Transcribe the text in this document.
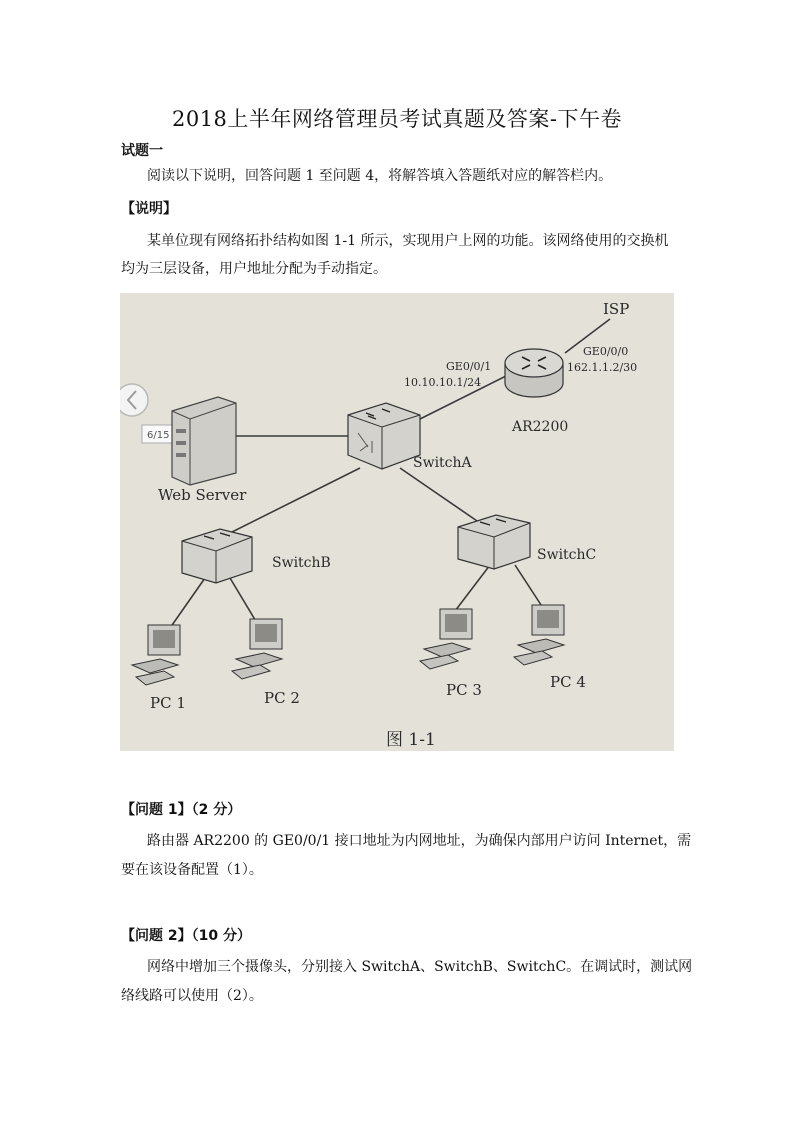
2018上半年网络管理员考试真题及答案-下午卷
试题一
阅读以下说明，回答问题 1 至问题 4，将解答填入答题纸对应的解答栏内。
【说明】
某单位现有网络拓扑结构如图 1-1 所示，实现用户上网的功能。该网络使用的交换机
均为三层设备，用户地址分配为手动指定。
6/15
Web Server
SwitchA
AR2200
GE0/0/1
10.10.10.1/24
GE0/0/0
162.1.1.2/30
ISP
SwitchB	SwitchC
PC 1	PC 2	PC 3	PC 4
图 1-1
【问题 1】（2 分）
路由器 AR2200 的 GE0/0/1 接口地址为内网地址，为确保内部用户访问 Internet，需
要在该设备配置（1）。
【问题 2】（10 分）
网络中增加三个摄像头，分别接入 SwitchA、SwitchB、SwitchC。在调试时，测试网
络线路可以使用（2）。
